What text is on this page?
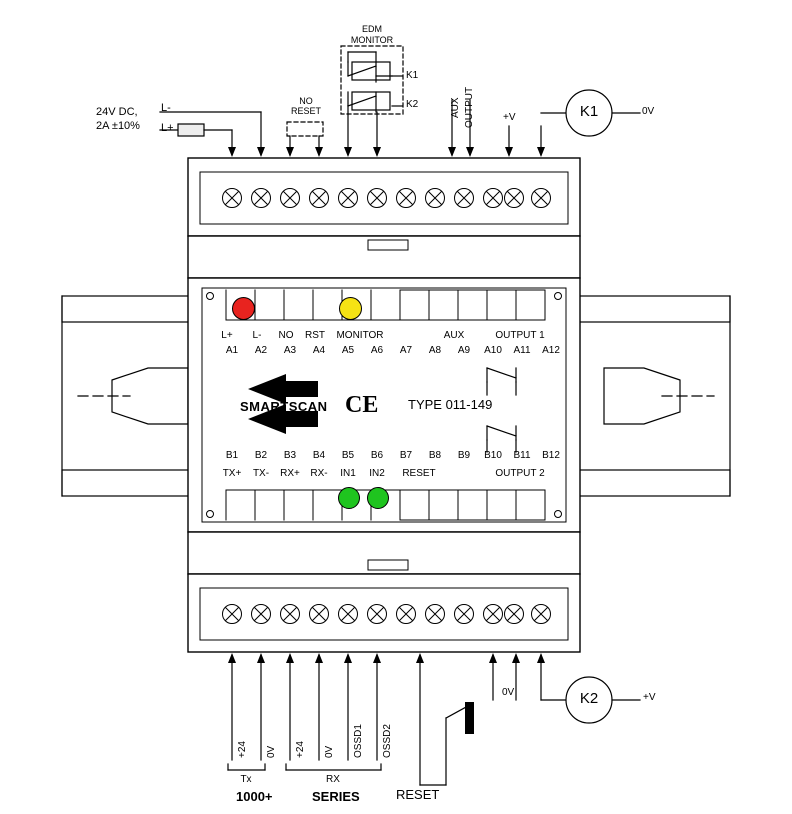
24V DC,
2A ±10%
L-
L+
NO
RESET
EDM
MONITOR
K1
K2	AUX OUTPUT	+V	K1	0V
L+	L-	NO	RST	MONITOR	AUX	OUTPUT 1
A1	A2	A3	A4	A5	A6	A7	A8	A9	A10	A11	A12
SMARTSCAN CE TYPE 011-149
B1	B2	B3	B4	B5	B6	B7	B8	B9	B10	B11	B12
TX+	TX-	RX+	RX-	IN1	IN2	RESET	OUTPUT 2
+24 0V +24 0V OSSD1 OSSD2
Tx	RX
1000+	SERIES	RESET
0V	K2	+V
